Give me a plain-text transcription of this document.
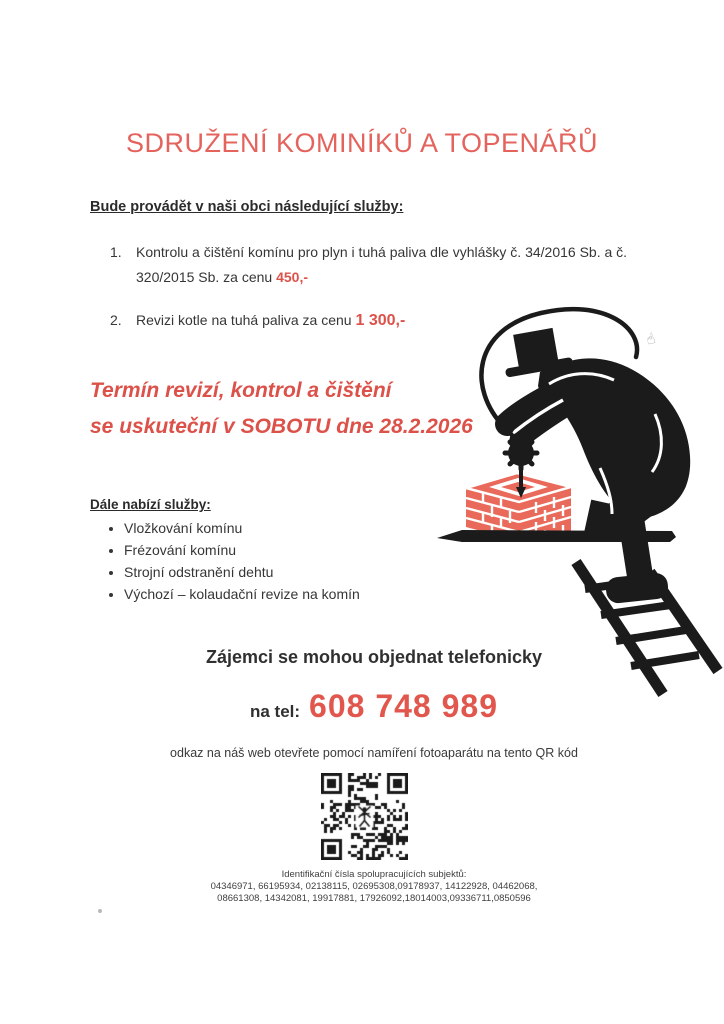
SDRUŽENÍ KOMINÍKŮ A TOPENÁŘŮ
Bude provádět v naši obci následující služby:
1.	Kontrolu a čištění komínu pro plyn i tuhá paliva dle vyhlášky č. 34/2016 Sb. a č.
320/2015 Sb. za cenu 450,-

2.	Revizi kotle na tuhá paliva za cenu 1 300,-

Termín revizí, kontrol a čištění
se uskuteční v SOBOTU dne 28.2.2026
Dále nabízí služby:
• Vložkování komínu
• Frézování komínu
• Strojní odstranění dehtu
• Výchozí – kolaudační revize na komín
Zájemci se mohou objednat telefonicky
na tel: 608 748 989
odkaz na náš web otevřete pomocí namíření fotoaparátu na tento QR kód
Identifikační čísla spolupracujících subjektů:
04346971, 66195934, 02138115, 02695308,09178937, 14122928, 04462068,
08661308, 14342081, 19917881, 17926092,18014003,09336711,0850596
☝
